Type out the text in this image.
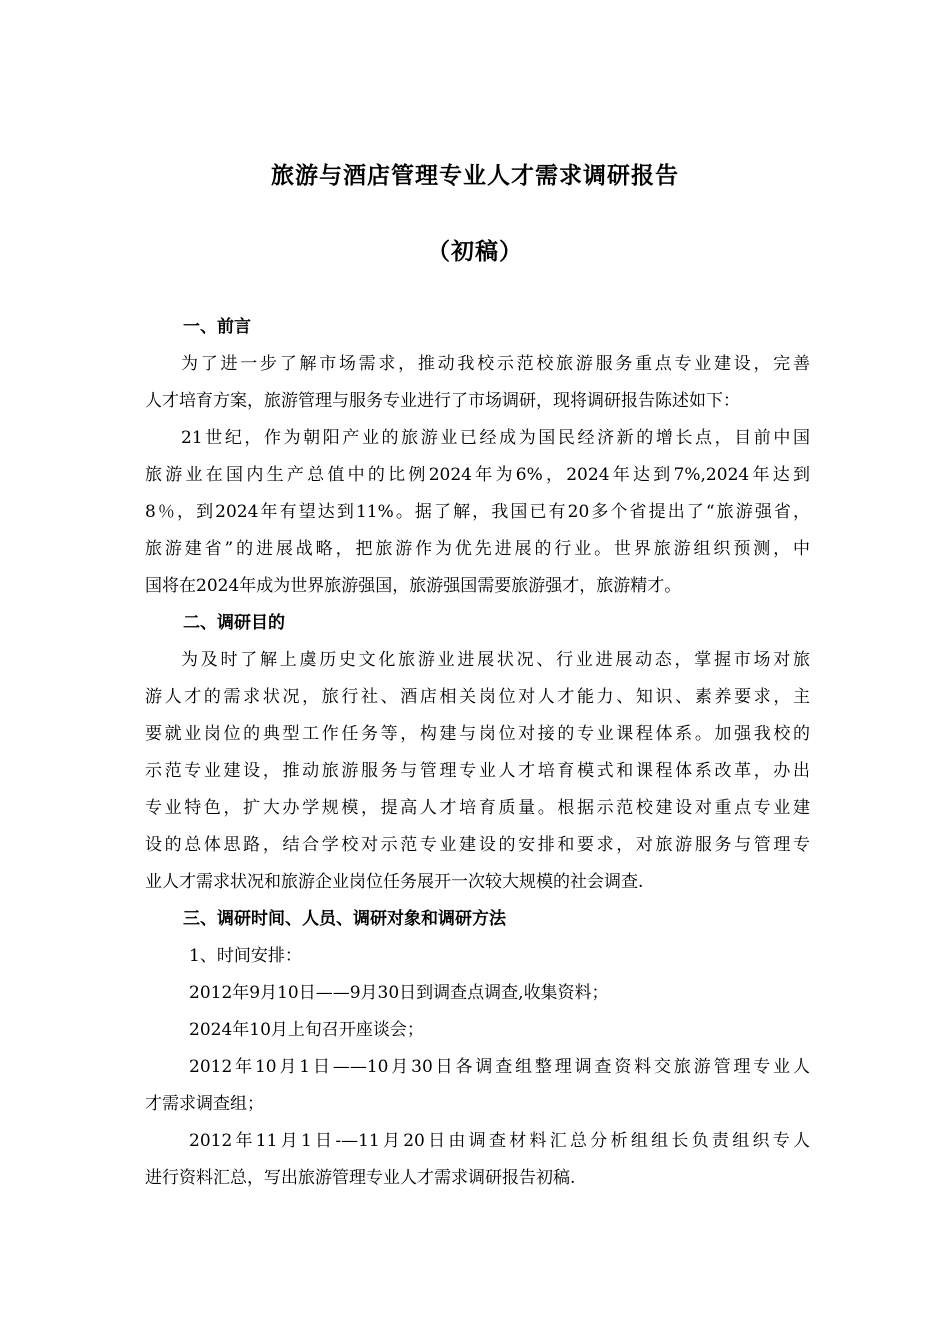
旅游与酒店管理专业人才需求调研报告
（初稿）
一、前言
为了进一步了解市场需求，推动我校示范校旅游服务重点专业建设，完善
人才培育方案，旅游管理与服务专业进行了市场调研，现将调研报告陈述如下：
21世纪，作为朝阳产业的旅游业已经成为国民经济新的增长点，目前中国
旅游业在国内生产总值中的比例2024年为6%，2024年达到7%,2024年达到
8％，到2024年有望达到11%。据了解，我国已有20多个省提出了“旅游强省，
旅游建省”的进展战略，把旅游作为优先进展的行业。世界旅游组织预测，中
国将在2024年成为世界旅游强国，旅游强国需要旅游强才，旅游精才。
二、调研目的
为及时了解上虞历史文化旅游业进展状况、行业进展动态，掌握市场对旅
游人才的需求状况，旅行社、酒店相关岗位对人才能力、知识、素养要求，主
要就业岗位的典型工作任务等，构建与岗位对接的专业课程体系。加强我校的
示范专业建设，推动旅游服务与管理专业人才培育模式和课程体系改革，办出
专业特色，扩大办学规模，提高人才培育质量。根据示范校建设对重点专业建
设的总体思路，结合学校对示范专业建设的安排和要求，对旅游服务与管理专
业人才需求状况和旅游企业岗位任务展开一次较大规模的社会调查.
三、调研时间、人员、调研对象和调研方法
1、时间安排：
2012年9月10日——9月30日到调查点调查,收集资料；
2024年10月上旬召开座谈会；
2012年10月1日——10月30日各调查组整理调查资料交旅游管理专业人
才需求调查组；
2012年11月1日-—11月20日由调查材料汇总分析组组长负责组织专人
进行资料汇总，写出旅游管理专业人才需求调研报告初稿.
